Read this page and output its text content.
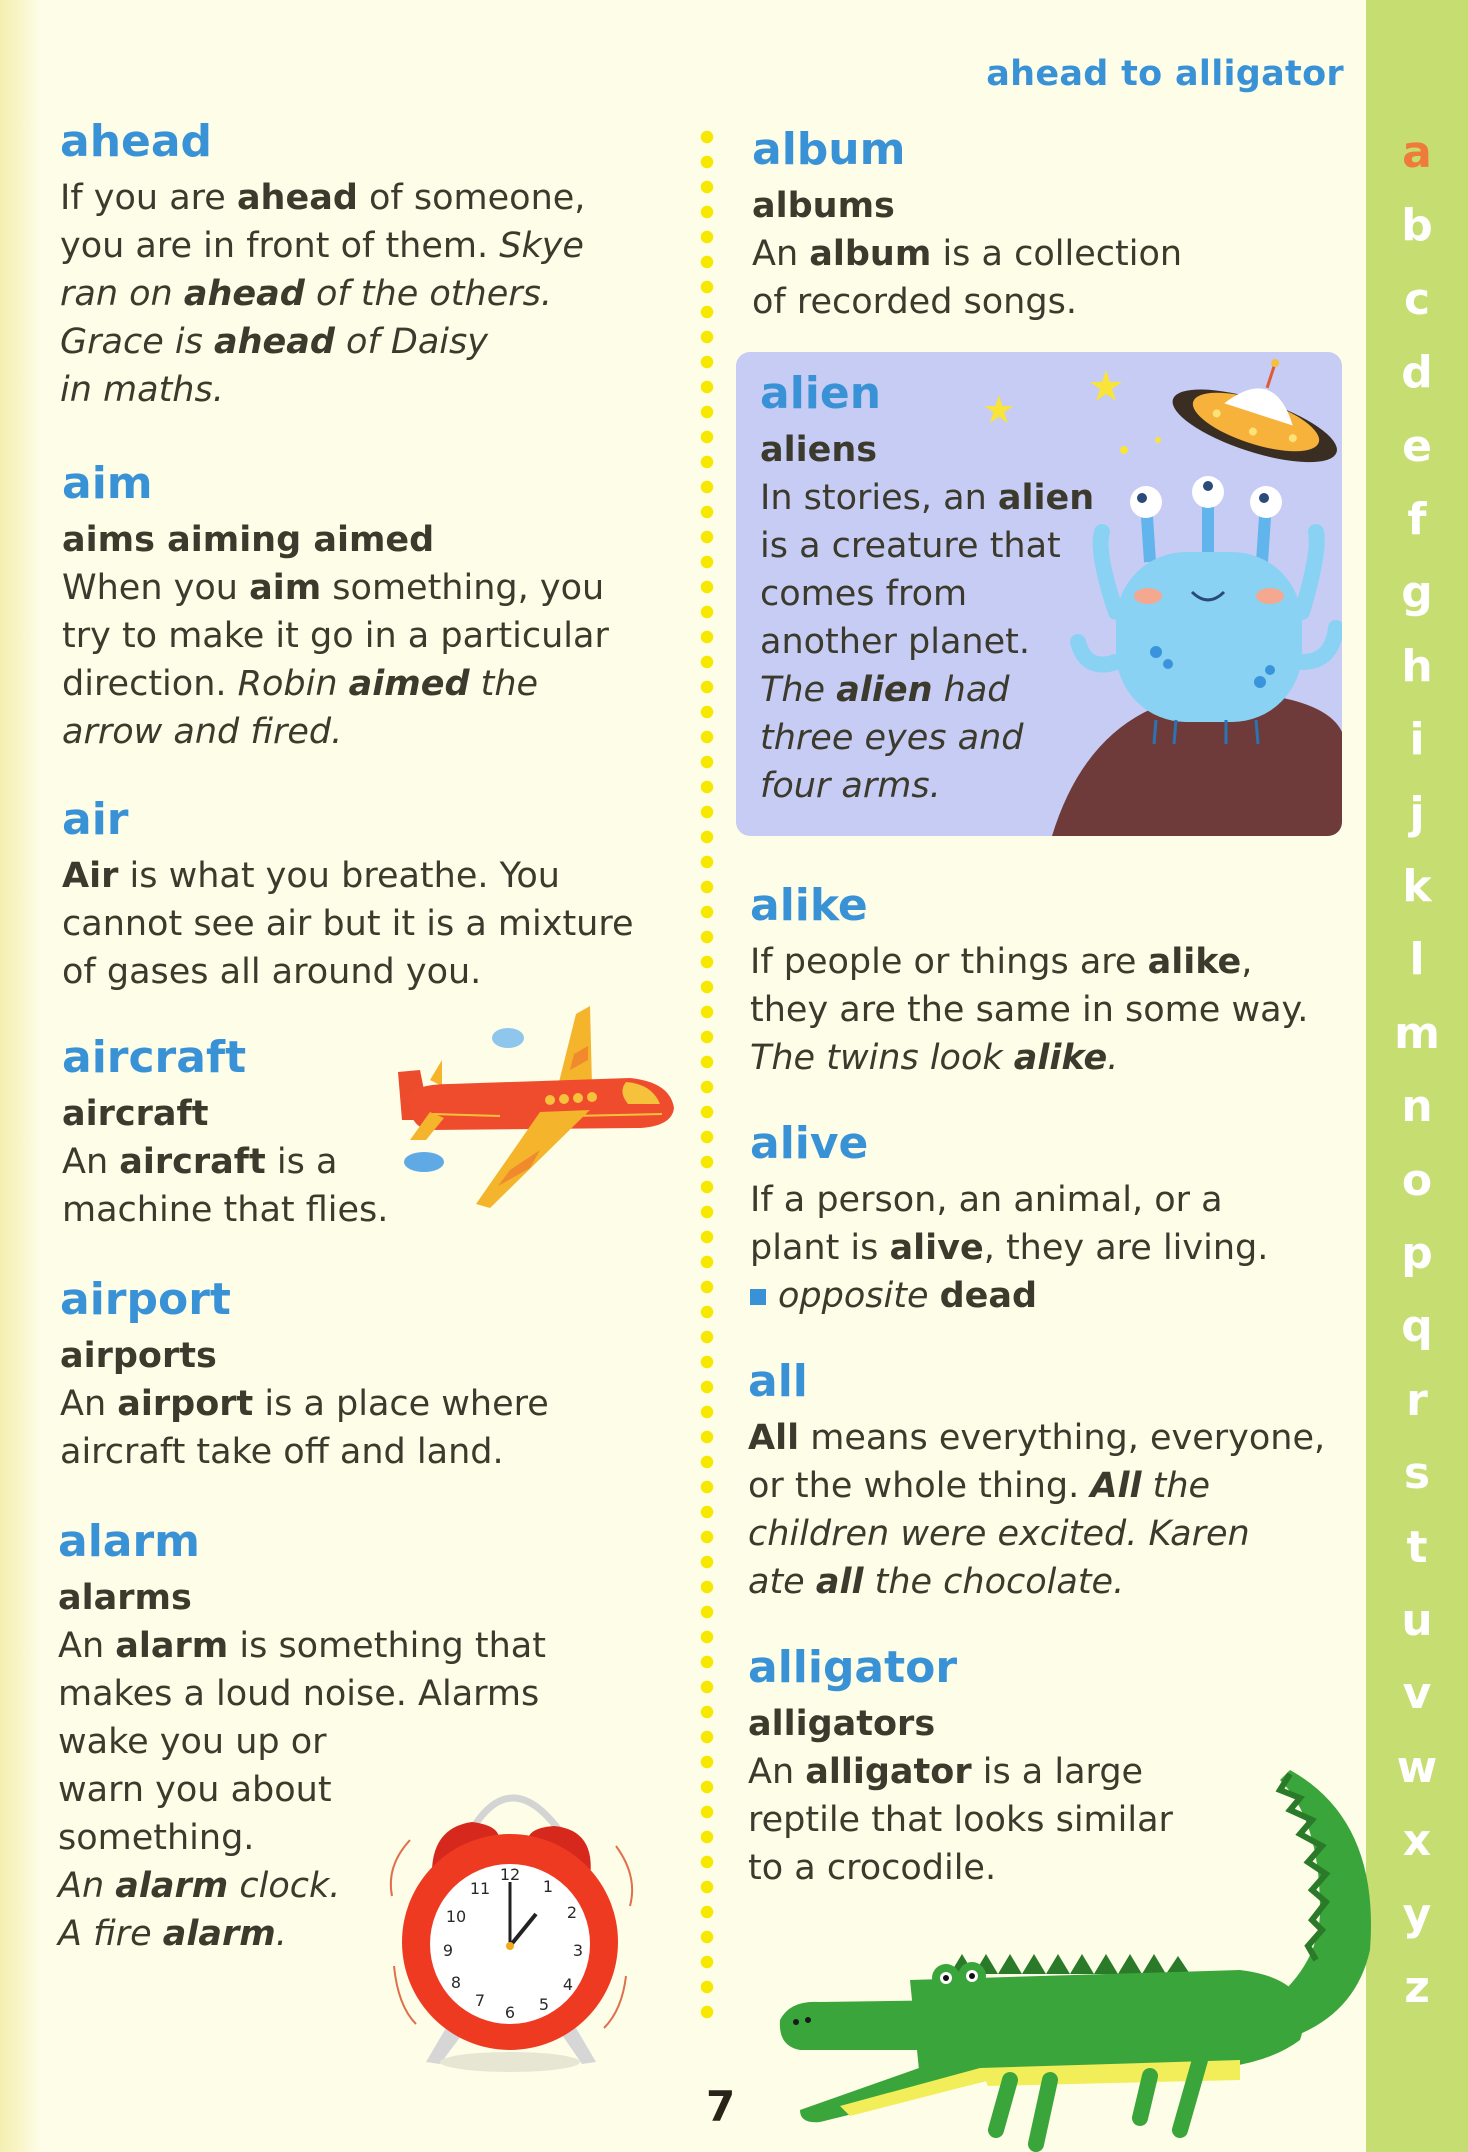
ahead to alligator
a
b
c
d
e
f
g
h
i
j
k
l
m
n
o
p
q
r
s
t
u
v
w
x
y
z
ahead
If you are ahead of someone,
you are in front of them. Skye
ran on ahead of the others.
Grace is ahead of Daisy
in maths.
aim
aims aiming aimed
When you aim something, you
try to make it go in a particular
direction. Robin aimed the
arrow and fired.
air
Air is what you breathe. You
cannot see air but it is a mixture
of gases all around you.
aircraft
aircraft
An aircraft is a
machine that flies.
airport
airports
An airport is a place where
aircraft take off and land.
alarm
alarms
An alarm is something that
makes a loud noise. Alarms
wake you up or
warn you about
something.
An alarm clock.
A fire alarm.
12
1
2
3
4
5
6
7
8
9
10
11
album
albums
An album is a collection
of recorded songs.
alien
aliens
In stories, an alien
is a creature that
comes from
another planet.
The alien had
three eyes and
four arms.
alike
If people or things are alike,
they are the same in some way.
The twins look alike.
alive
If a person, an animal, or a
plant is alive, they are living.
opposite dead
all
All means everything, everyone,
or the whole thing. All the
children were excited. Karen
ate all the chocolate.
alligator
alligators
An alligator is a large
reptile that looks similar
to a crocodile.
7
